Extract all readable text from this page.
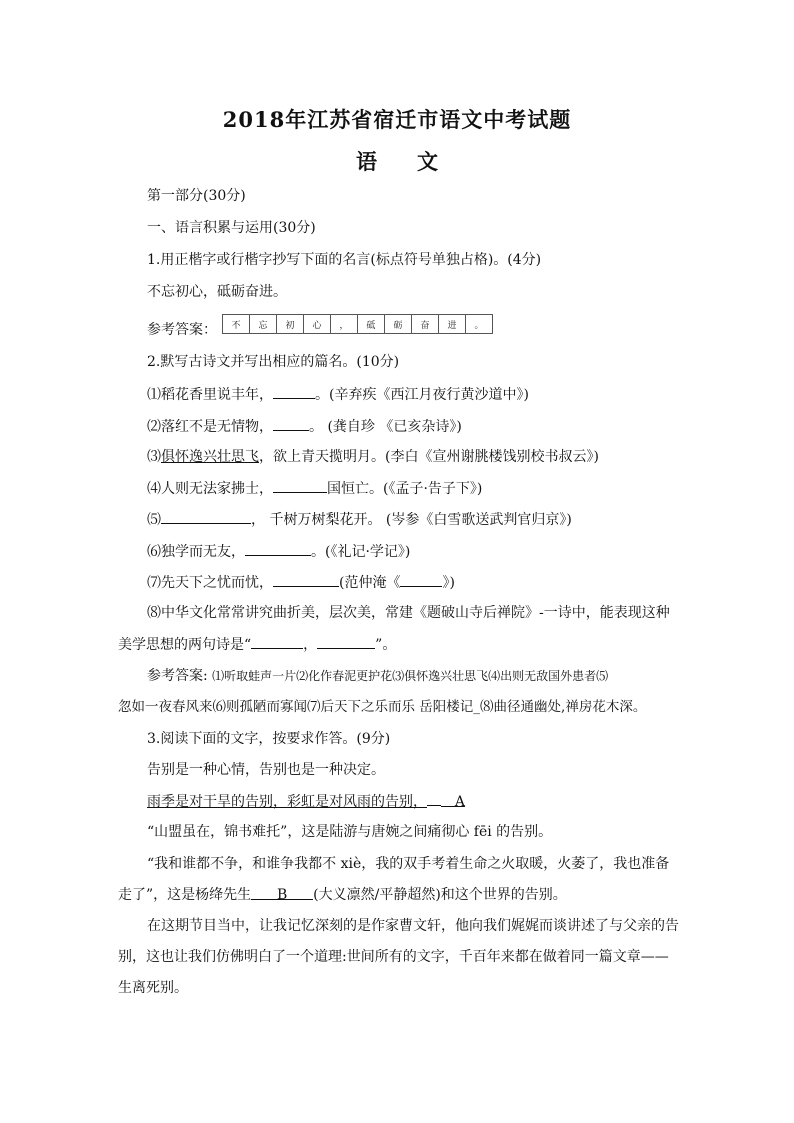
2018年江苏省宿迁市语文中考试题
语 文
第一部分(30分)
一、语言积累与运用(30分)
1.用正楷字或行楷字抄写下面的名言(标点符号单独占格)。(4分)
不忘初心，砥砺奋进。
参考答案：	不	忘	初	心	，	砥	砺	奋	进	。
2.默写古诗文并写出相应的篇名。(10分)
⑴稻花香里说丰年，	。(辛弃疾《西江月夜行黄沙道中》)
⑵落红不是无情物，	。 (龚自珍 《已亥杂诗》)
⑶俱怀逸兴壮思飞，欲上青天揽明月。(李白《宣州谢朓楼饯别校书叔云》)
⑷人则无法家拂士，	国恒亡。(《孟子·告子下》)
⑸	， 千树万树梨花开。 (岑参《白雪歌送武判官归京》)
⑹独学而无友，	。(《礼记·学记》)
⑺先天下之忧而忧，	(范仲淹《	》)
⑻中华文化常常讲究曲折美，层次美，常建《题破山寺后禅院》-一诗中，能表现这种
美学思想的两句诗是“	，	”。
参考答案: ⑴听取蛙声一片⑵化作春泥更护花⑶俱怀逸兴壮思飞⑷出则无敌国外患者⑸
忽如一夜春风来⑹则孤陋而寡闻⑺后天下之乐而乐 岳阳楼记_⑻曲径通幽处,禅房花木深。
3.阅读下面的文字，按要求作答。(9分)
告别是一种心情，告别也是一种决定。
雨季是对干旱的告别，彩虹是对风雨的告别， A
“山盟虽在，锦书难托”，这是陆游与唐婉之间痛彻心 fēi 的告别。
“我和谁都不争，和谁争我都不 xiè，我的双手考着生命之火取暖，火萎了，我也准备
走了”，这是杨绛先生 B (大义凛然/平静超然)和这个世界的告别。
在这期节目当中，让我记忆深刻的是作家曹文轩，他向我们娓娓而谈讲述了与父亲的告
别，这也让我们仿佛明白了一个道理:世间所有的文字，千百年来都在做着同一篇文章——
生离死别。
